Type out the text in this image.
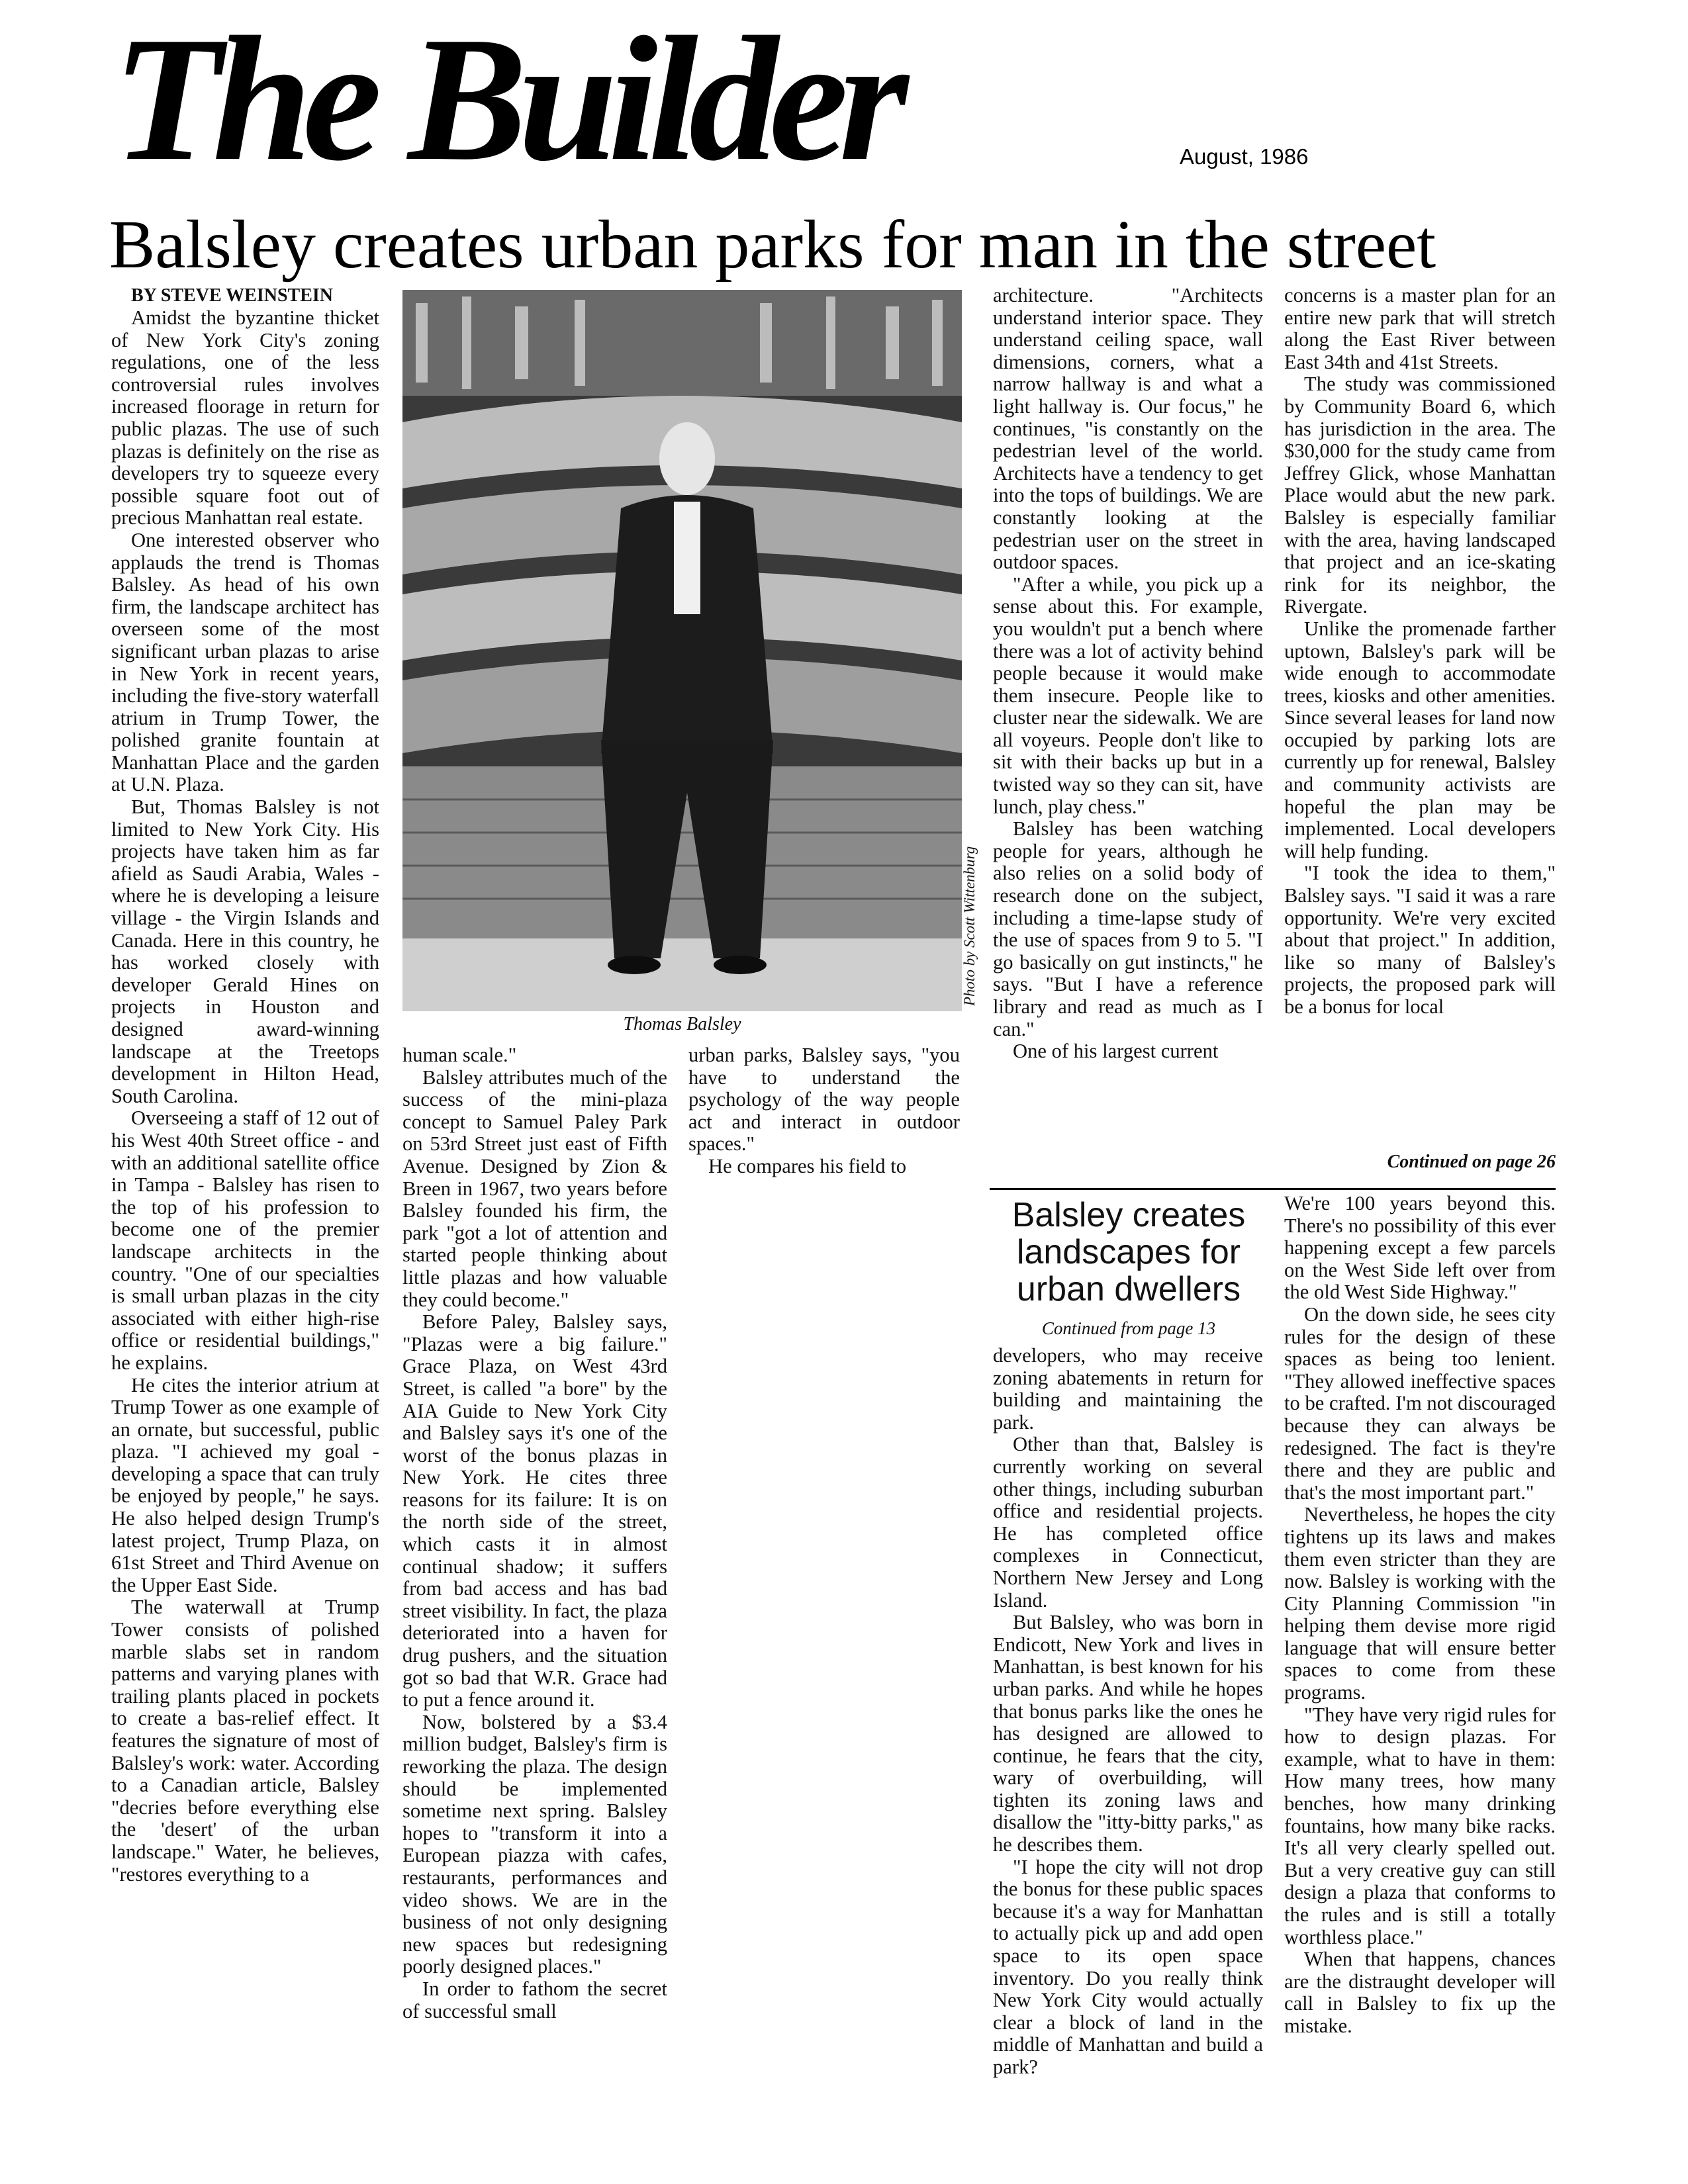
The Builder	August, 1986
Balsley creates urban parks for man in the street

BY STEVE WEINSTEIN

Amidst the byzantine thicket of New York City's zoning regulations, one of the less controversial rules involves increased floorage in return for public plazas. The use of such plazas is definitely on the rise as developers try to squeeze every possible square foot out of precious Manhattan real estate.

One interested observer who applauds the trend is Thomas Balsley. As head of his own firm, the landscape architect has overseen some of the most significant urban plazas to arise in New York in recent years, including the five-story waterfall atrium in Trump Tower, the polished granite fountain at Manhattan Place and the garden at U.N. Plaza.

But, Thomas Balsley is not limited to New York City. His projects have taken him as far afield as Saudi Arabia, Wales - where he is developing a leisure village - the Virgin Islands and Canada. Here in this country, he has worked closely with developer Gerald Hines on projects in Houston and designed award-winning landscape at the Treetops development in Hilton Head, South Carolina.

Overseeing a staff of 12 out of his West 40th Street office - and with an additional satellite office in Tampa - Balsley has risen to the top of his profession to become one of the premier landscape architects in the country. "One of our specialties is small urban plazas in the city associated with either high-rise office or residential buildings," he explains.

He cites the interior atrium at Trump Tower as one example of an ornate, but successful, public plaza. "I achieved my goal - developing a space that can truly be enjoyed by people," he says. He also helped design Trump's latest project, Trump Plaza, on 61st Street and Third Avenue on the Upper East Side.

The waterwall at Trump Tower consists of polished marble slabs set in random patterns and varying planes with trailing plants placed in pockets to create a bas-relief effect. It features the signature of most of Balsley's work: water. According to a Canadian article, Balsley "decries before everything else the 'desert' of the urban landscape." Water, he believes, "restores everything to a

Thomas Balsley
Photo by Scott Wittenburg

human scale."

Balsley attributes much of the success of the mini-plaza concept to Samuel Paley Park on 53rd Street just east of Fifth Avenue. Designed by Zion & Breen in 1967, two years before Balsley founded his firm, the park "got a lot of attention and started people thinking about little plazas and how valuable they could become."

Before Paley, Balsley says, "Plazas were a big failure." Grace Plaza, on West 43rd Street, is called "a bore" by the AIA Guide to New York City and Balsley says it's one of the worst of the bonus plazas in New York. He cites three reasons for its failure: It is on the north side of the street, which casts it in almost continual shadow; it suffers from bad access and has bad street visibility. In fact, the plaza deteriorated into a haven for drug pushers, and the situation got so bad that W.R. Grace had to put a fence around it.

Now, bolstered by a $3.4 million budget, Balsley's firm is reworking the plaza. The design should be implemented sometime next spring. Balsley hopes to "transform it into a European piazza with cafes, restaurants, performances and video shows. We are in the business of not only designing new spaces but redesigning poorly designed places."

In order to fathom the secret of successful small

urban parks, Balsley says, "you have to understand the psychology of the way people act and interact in outdoor spaces."

He compares his field to

architecture. "Architects understand interior space. They understand ceiling space, wall dimensions, corners, what a narrow hallway is and what a light hallway is. Our focus," he continues, "is constantly on the pedestrian level of the world. Architects have a tendency to get into the tops of buildings. We are constantly looking at the pedestrian user on the street in outdoor spaces.

"After a while, you pick up a sense about this. For example, you wouldn't put a bench where there was a lot of activity behind people because it would make them insecure. People like to cluster near the sidewalk. We are all voyeurs. People don't like to sit with their backs up but in a twisted way so they can sit, have lunch, play chess."

Balsley has been watching people for years, although he also relies on a solid body of research done on the subject, including a time-lapse study of the use of spaces from 9 to 5. "I go basically on gut instincts," he says. "But I have a reference library and read as much as I can."

One of his largest current

concerns is a master plan for an entire new park that will stretch along the East River between East 34th and 41st Streets.

The study was commissioned by Community Board 6, which has jurisdiction in the area. The $30,000 for the study came from Jeffrey Glick, whose Manhattan Place would abut the new park. Balsley is especially familiar with the area, having landscaped that project and an ice-skating rink for its neighbor, the Rivergate.

Unlike the promenade farther uptown, Balsley's park will be wide enough to accommodate trees, kiosks and other amenities. Since several leases for land now occupied by parking lots are currently up for renewal, Balsley and community activists are hopeful the plan may be implemented. Local developers will help funding.

"I took the idea to them," Balsley says. "I said it was a rare opportunity. We're very excited about that project." In addition, like so many of Balsley's projects, the proposed park will be a bonus for local

Continued on page 26
Balsley creates landscapes for urban dwellers
Continued from page 13

developers, who may receive zoning abatements in return for building and maintaining the park.

Other than that, Balsley is currently working on several other things, including suburban office and residential projects. He has completed office complexes in Connecticut, Northern New Jersey and Long Island.

But Balsley, who was born in Endicott, New York and lives in Manhattan, is best known for his urban parks. And while he hopes that bonus parks like the ones he has designed are allowed to continue, he fears that the city, wary of overbuilding, will tighten its zoning laws and disallow the "itty-bitty parks," as he describes them.

"I hope the city will not drop the bonus for these public spaces because it's a way for Manhattan to actually pick up and add open space to its open space inventory. Do you really think New York City would actually clear a block of land in the middle of Manhattan and build a park?

We're 100 years beyond this. There's no possibility of this ever happening except a few parcels on the West Side left over from the old West Side Highway."

On the down side, he sees city rules for the design of these spaces as being too lenient. "They allowed ineffective spaces to be crafted. I'm not discouraged because they can always be redesigned. The fact is they're there and they are public and that's the most important part."

Nevertheless, he hopes the city tightens up its laws and makes them even stricter than they are now. Balsley is working with the City Planning Commission "in helping them devise more rigid language that will ensure better spaces to come from these programs.

"They have very rigid rules for how to design plazas. For example, what to have in them: How many trees, how many benches, how many drinking fountains, how many bike racks. It's all very clearly spelled out. But a very creative guy can still design a plaza that conforms to the rules and is still a totally worthless place."

When that happens, chances are the distraught developer will call in Balsley to fix up the mistake.
